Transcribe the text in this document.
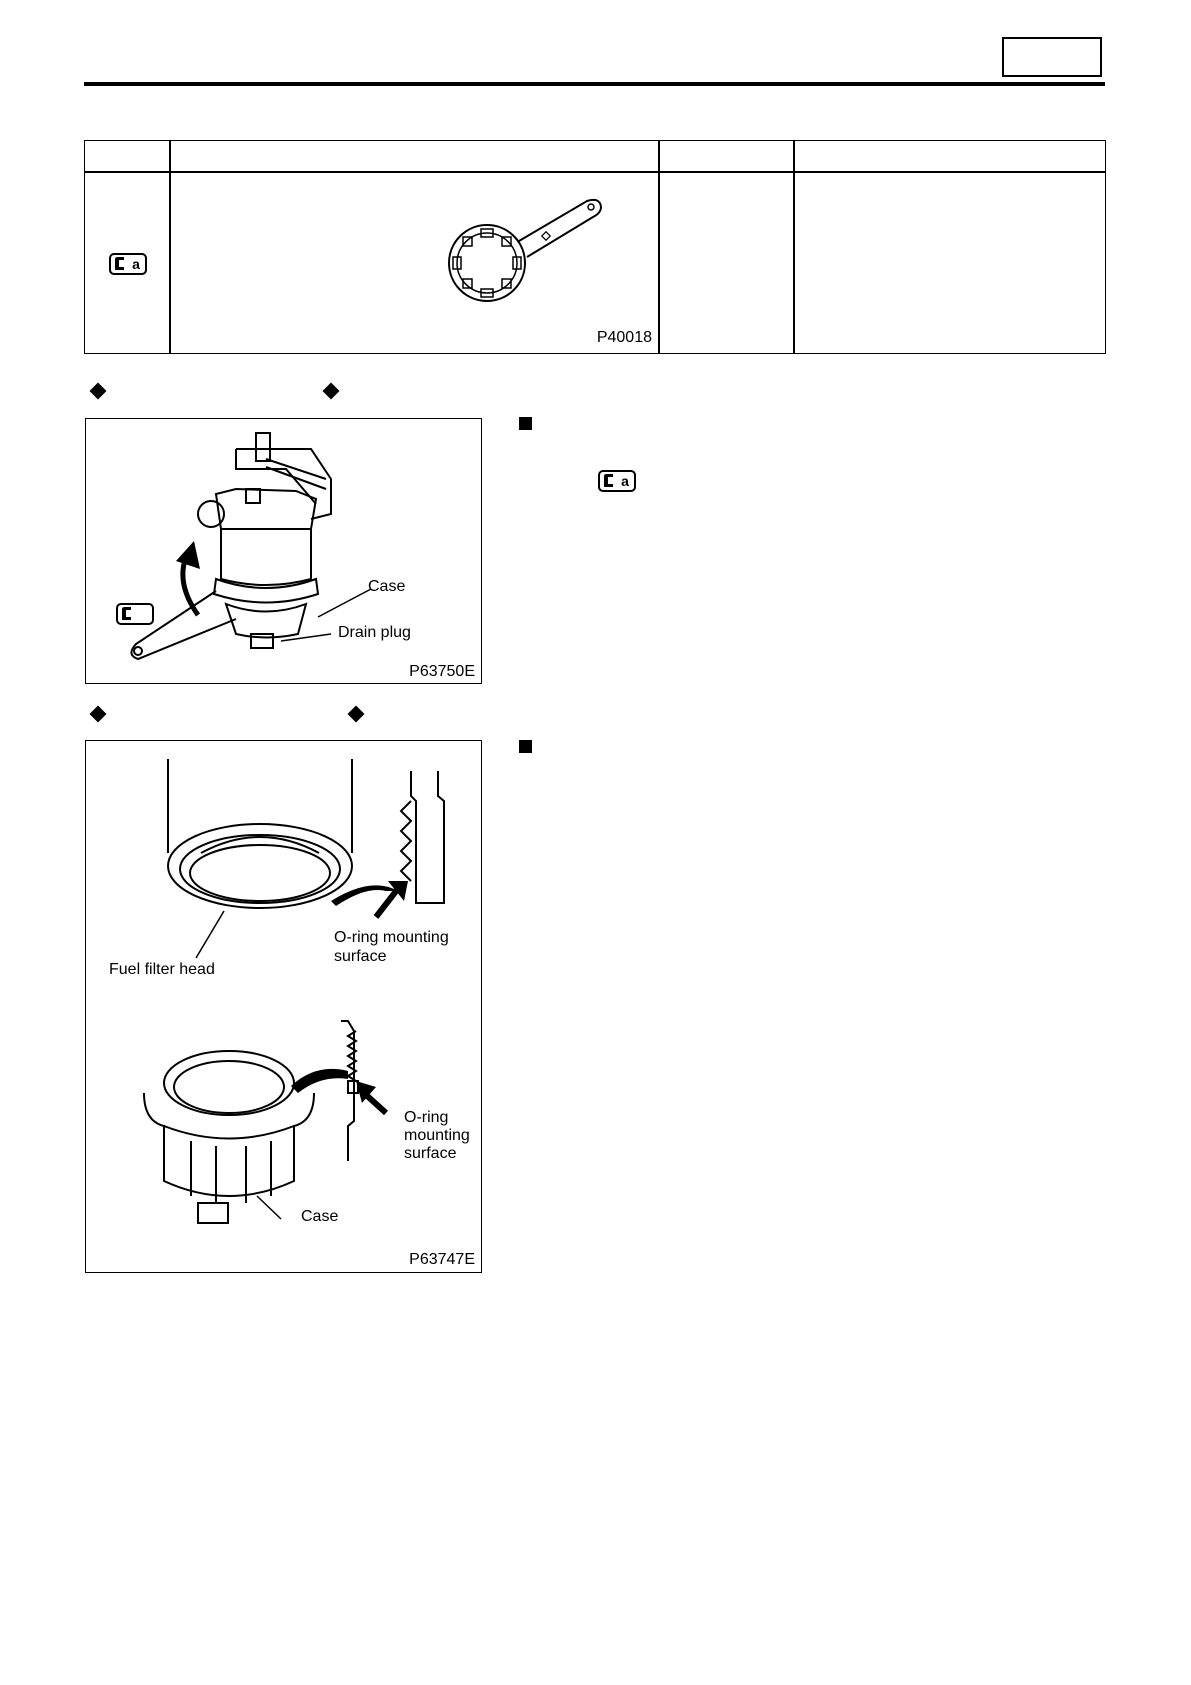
a
P40018
a
Case
Drain plug
P63750E
O-ring mounting
surface
Fuel filter head
O-ring
mounting
surface
Case
P63747E
